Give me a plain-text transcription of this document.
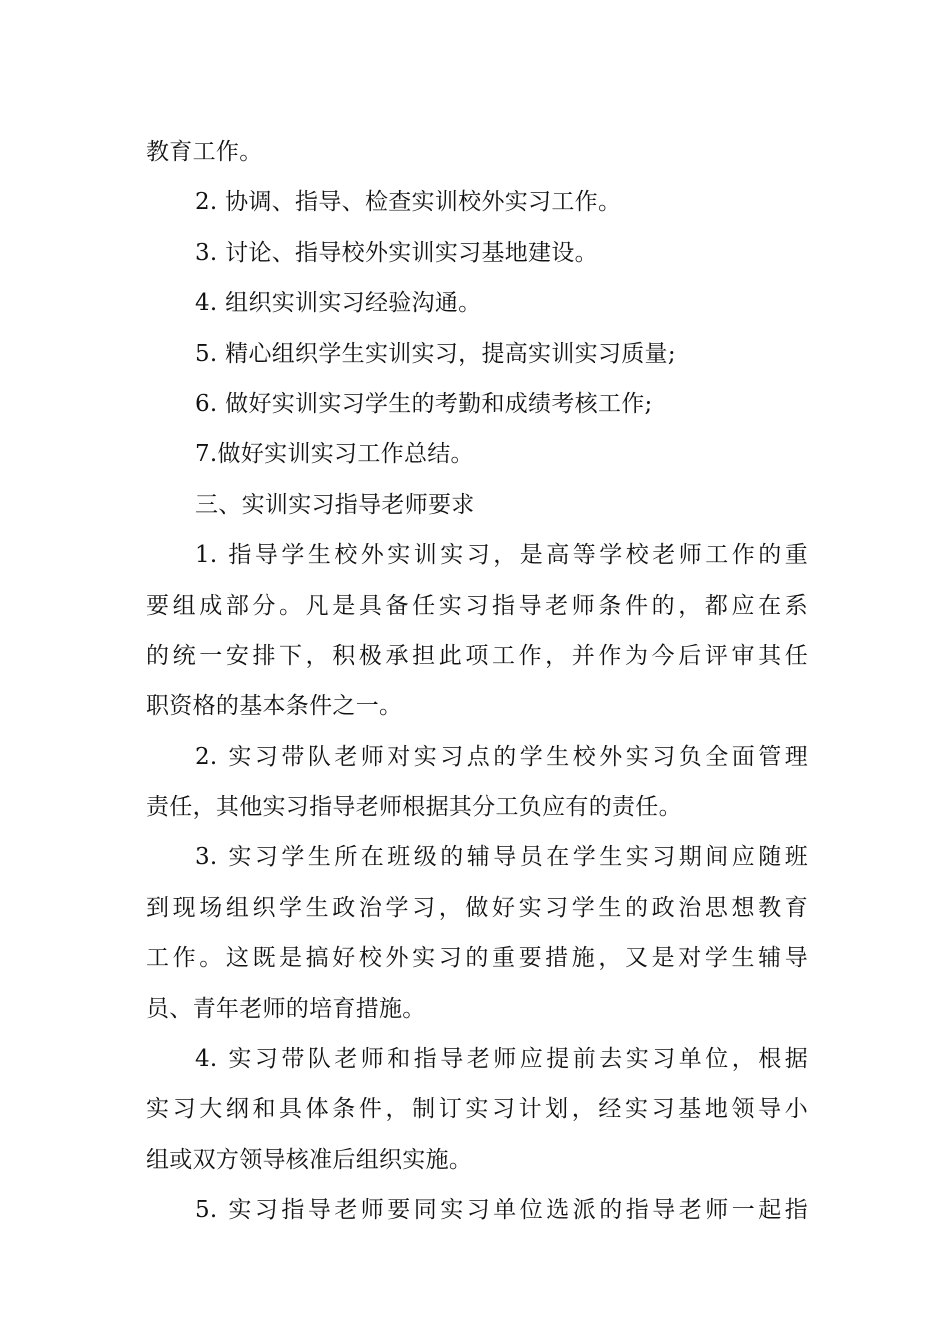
教育工作。
2. 协调、指导、检查实训校外实习工作。
3. 讨论、指导校外实训实习基地建设。
4. 组织实训实习经验沟通。
5. 精心组织学生实训实习，提高实训实习质量;
6. 做好实训实习学生的考勤和成绩考核工作;
7.做好实训实习工作总结。
三、实训实习指导老师要求
1. 指导学生校外实训实习，是高等学校老师工作的重
要组成部分。凡是具备任实习指导老师条件的，都应在系
的统一安排下，积极承担此项工作，并作为今后评审其任
职资格的基本条件之一。
2. 实习带队老师对实习点的学生校外实习负全面管理
责任，其他实习指导老师根据其分工负应有的责任。
3. 实习学生所在班级的辅导员在学生实习期间应随班
到现场组织学生政治学习，做好实习学生的政治思想教育
工作。这既是搞好校外实习的重要措施，又是对学生辅导
员、青年老师的培育措施。
4. 实习带队老师和指导老师应提前去实习单位，根据
实习大纲和具体条件，制订实习计划，经实习基地领导小
组或双方领导核准后组织实施。
5. 实习指导老师要同实习单位选派的指导老师一起指
